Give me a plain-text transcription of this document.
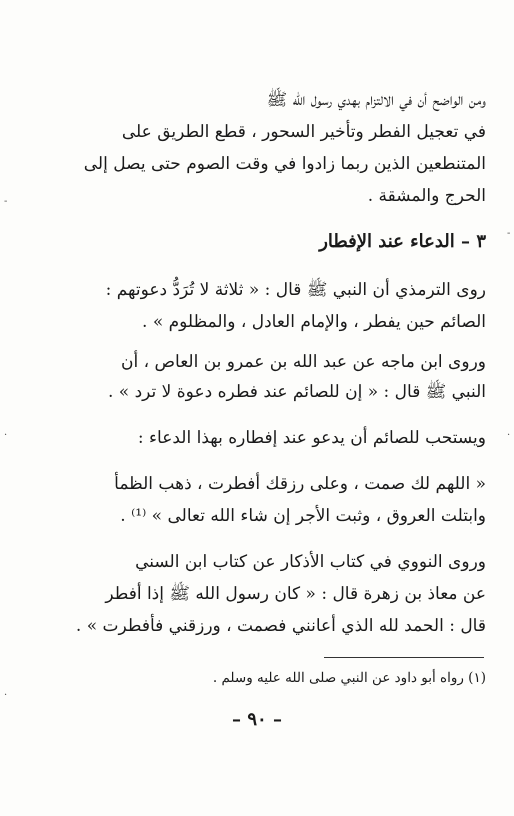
ومن الواضح أن في الالتزام بهدي رسول الله ﷺ
في تعجيل الفطر وتأخير السحور ، قطع الطريق على
المتنطعين الذين ربما زادوا في وقت الصوم حتى يصل إلى
الحرج والمشقة .
٣ – الدعاء عند الإفطار
روى الترمذي أن النبي ﷺ قال : « ثلاثة لا تُرَدُّ دعوتهم :
الصائم حين يفطر ، والإمام العادل ، والمظلوم » .
وروى ابن ماجه عن عبد الله بن عمرو بن العاص ، أن
النبي ﷺ قال : « إن للصائم عند فطره دعوة لا ترد » .
ويستحب للصائم أن يدعو عند إفطاره بهذا الدعاء :
« اللهم لك صمت ، وعلى رزقك أفطرت ، ذهب الظمأ
وابتلت العروق ، وثبت الأجر إن شاء الله تعالى » ⁽¹⁾ .
وروى النووي في كتاب الأذكار عن كتاب ابن السني
عن معاذ بن زهرة قال : « كان رسول الله ﷺ إذا أفطر
قال : الحمد لله الذي أعانني فصمت ، ورزقني فأفطرت » .
(١) رواه أبو داود عن النبي صلى الله عليه وسلم .
– ٩٠ –
-
-
·	·
·
